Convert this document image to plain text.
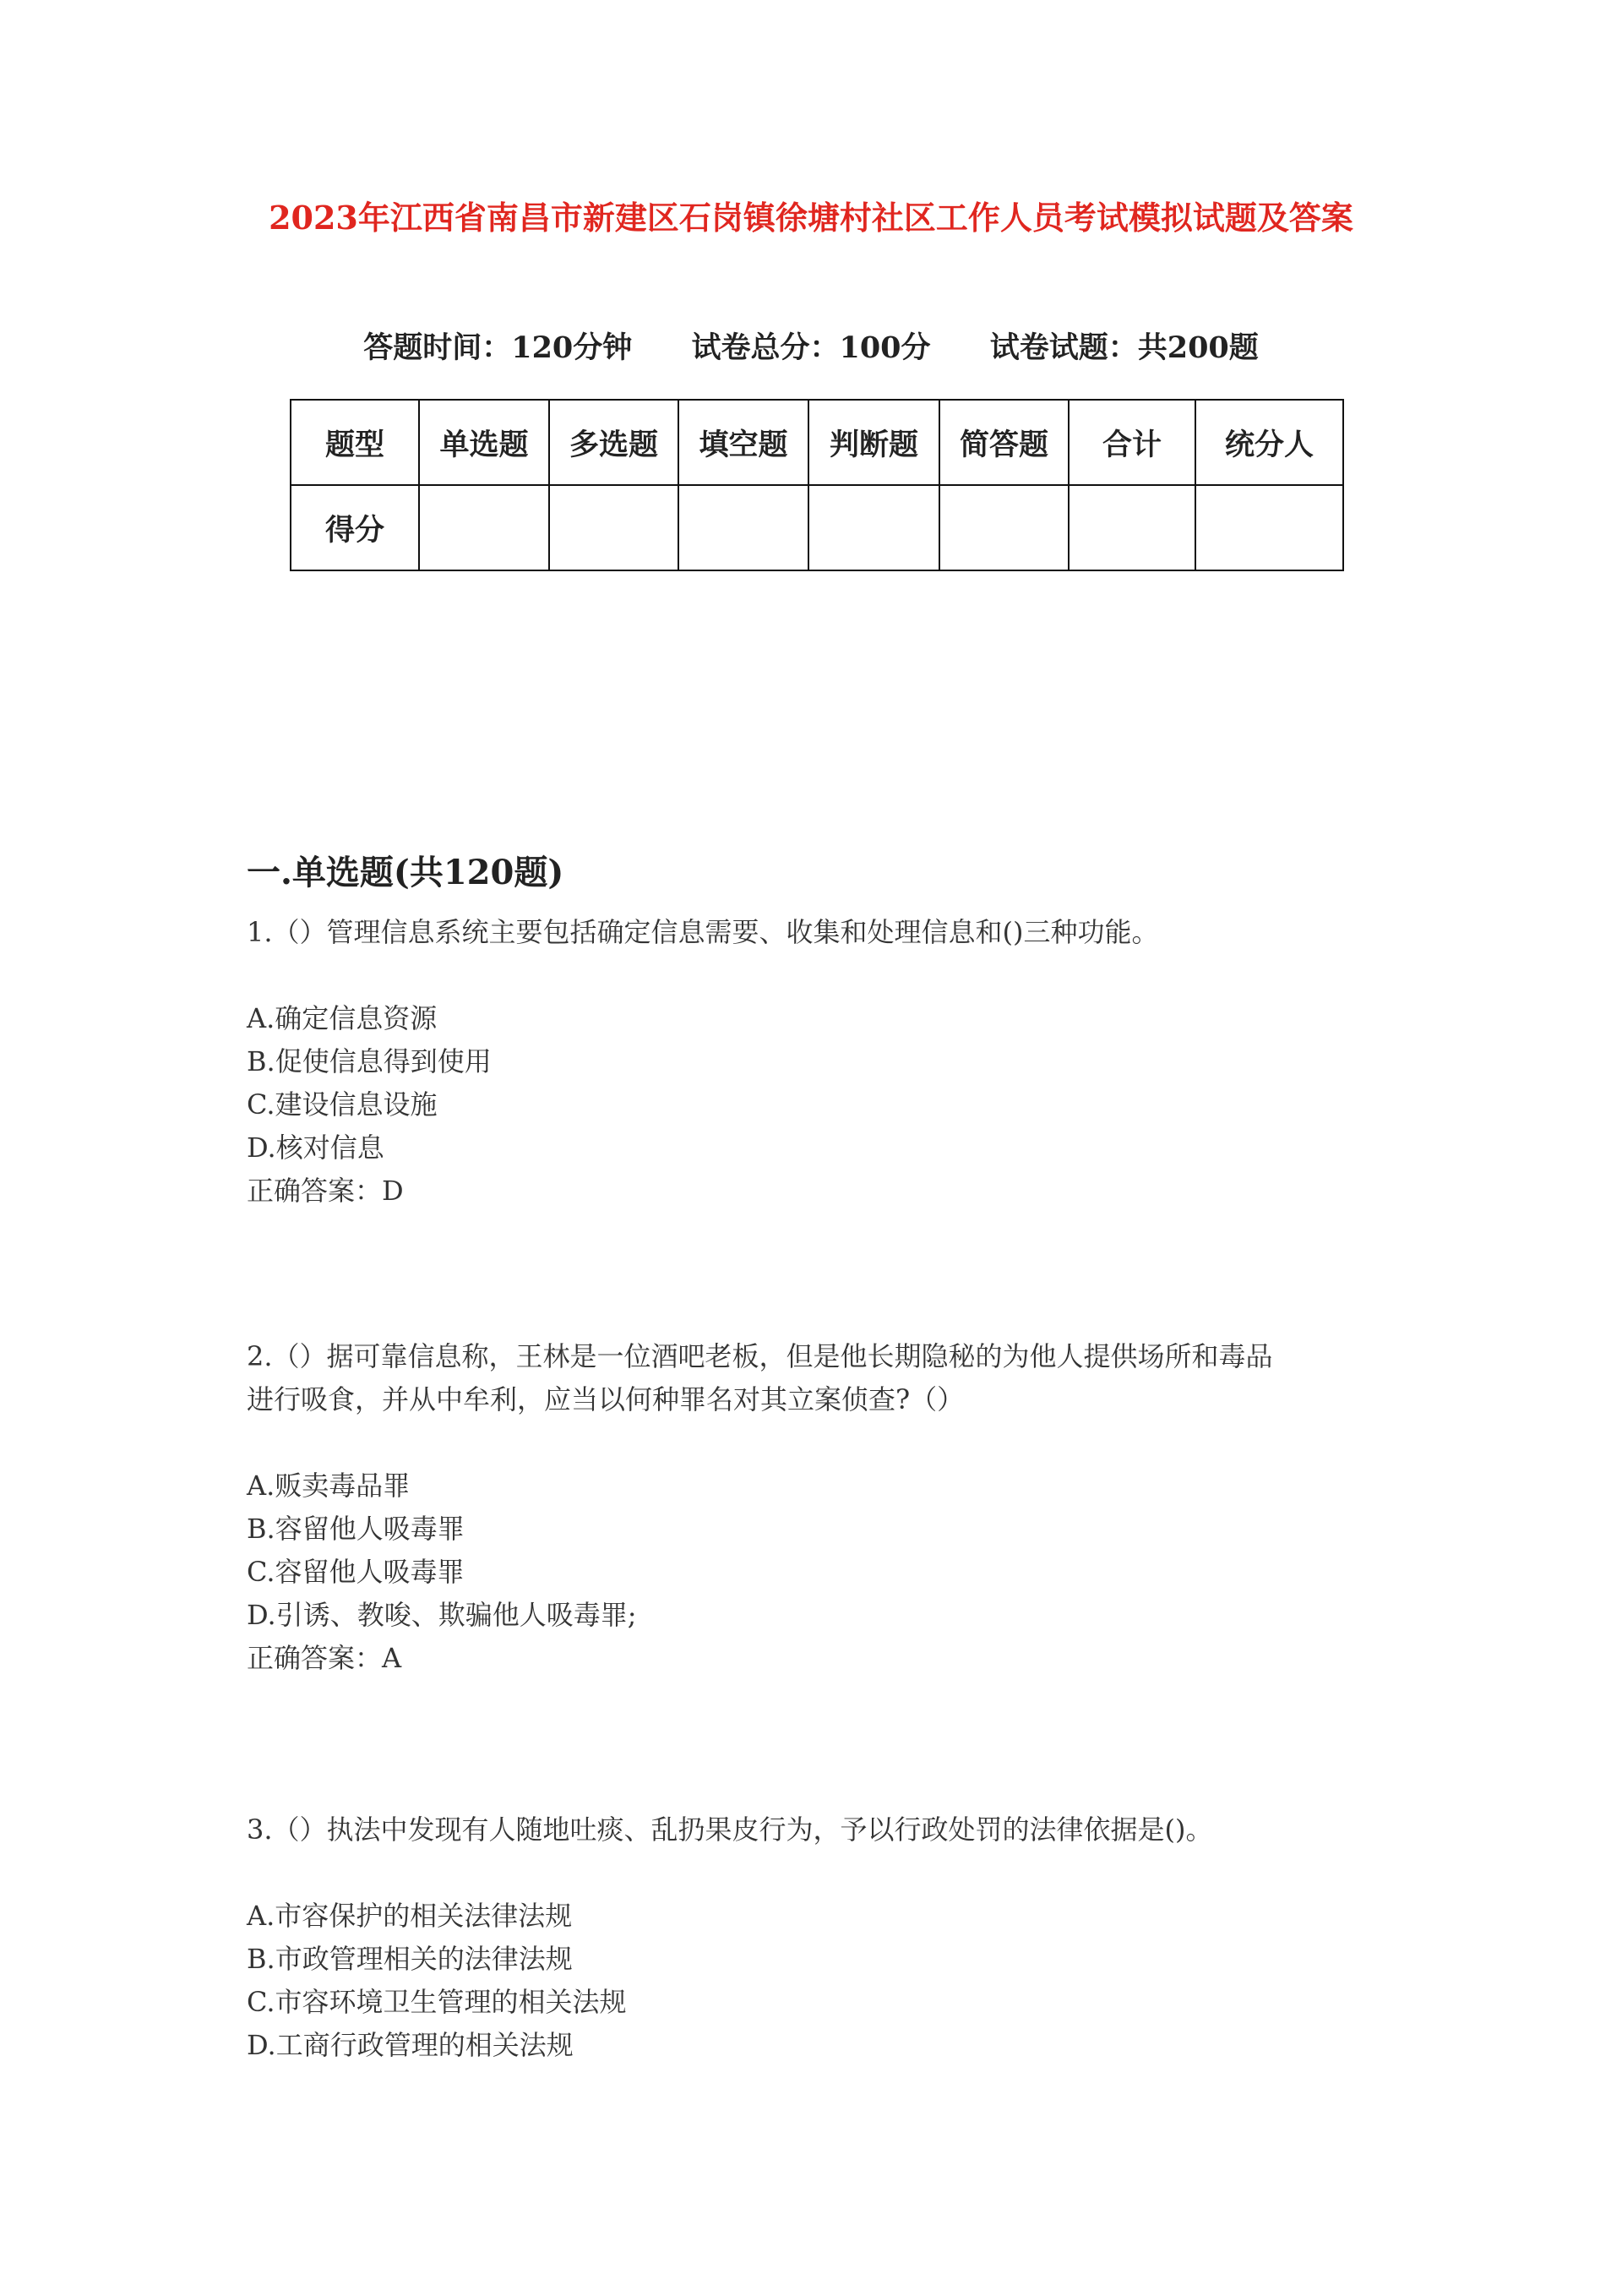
2023年江西省南昌市新建区石岗镇徐塘村社区工作人员考试模拟试题及答案
答题时间：120分钟 试卷总分：100分 试卷试题：共200题
题型	单选题	多选题	填空题	判断题	简答题	合计	统分人
得分							
一.单选题(共120题)
1.（）管理信息系统主要包括确定信息需要、收集和处理信息和()三种功能。
A.确定信息资源
B.促使信息得到使用
C.建设信息设施
D.核对信息
正确答案：D
2.（）据可靠信息称，王林是一位酒吧老板，但是他长期隐秘的为他人提供场所和毒品
进行吸食，并从中牟利，应当以何种罪名对其立案侦查?（）
A.贩卖毒品罪
B.容留他人吸毒罪
C.容留他人吸毒罪
D.引诱、教唆、欺骗他人吸毒罪;
正确答案：A
3.（）执法中发现有人随地吐痰、乱扔果皮行为，予以行政处罚的法律依据是()。
A.市容保护的相关法律法规
B.市政管理相关的法律法规
C.市容环境卫生管理的相关法规
D.工商行政管理的相关法规
